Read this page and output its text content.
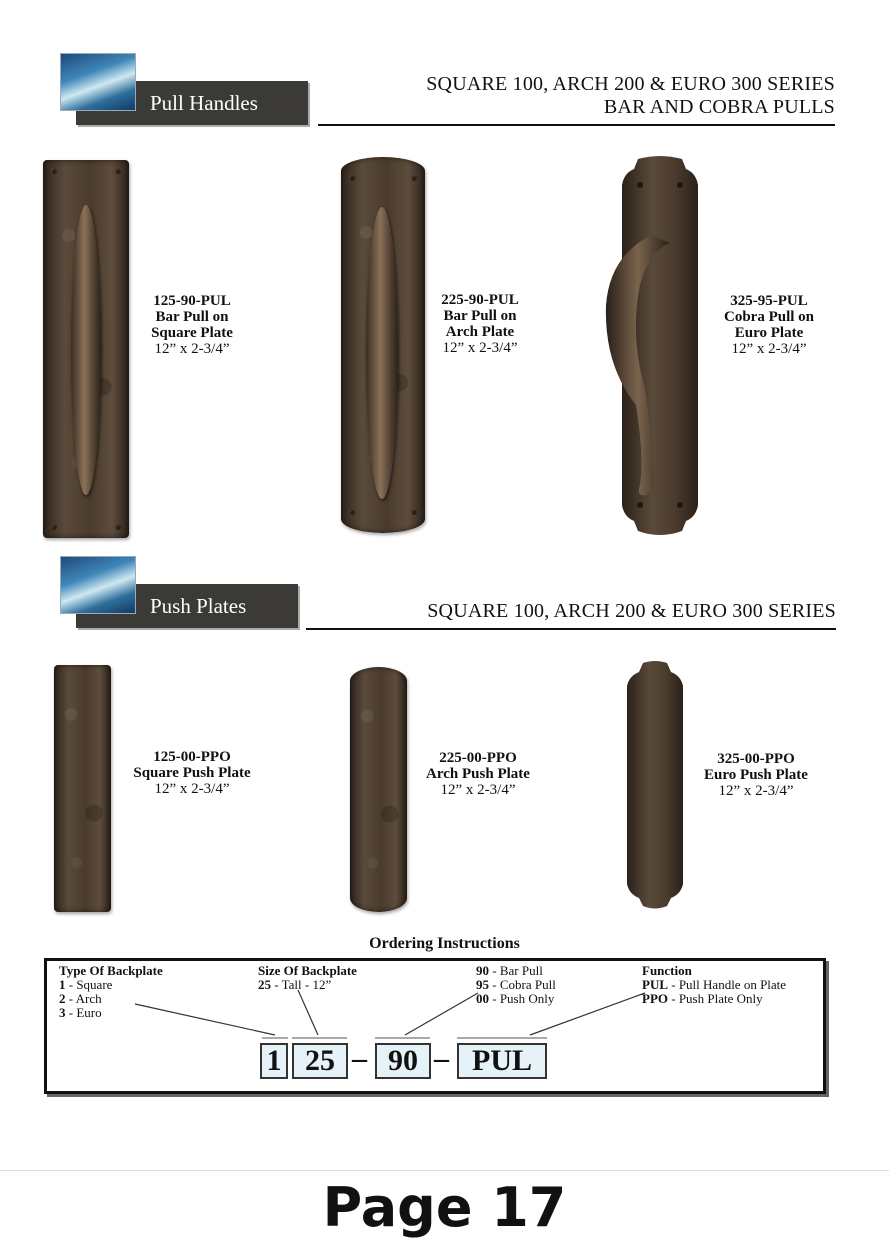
Pull Handles
SQUARE 100, ARCH 200 & EURO 300 SERIES
BAR AND COBRA PULLS
125-90-PUL
Bar Pull on
Square Plate
12” x 2-3/4”
225-90-PUL
Bar Pull on
Arch Plate
12” x 2-3/4”
325-95-PUL
Cobra Pull on
Euro Plate
12” x 2-3/4”
Push Plates	SQUARE 100, ARCH 200 & EURO 300 SERIES
125-00-PPO
Square Push Plate
12” x 2-3/4”
225-00-PPO
Arch Push Plate
12” x 2-3/4”
325-00-PPO
Euro Push Plate
12” x 2-3/4”
Ordering Instructions
Type Of Backplate
1 - Square
2 - Arch
3 - Euro
Size Of Backplate
25 - Tall - 12”
90 - Bar Pull
95 - Cobra Pull
00 - Push Only
Function
PUL - Pull Handle on Plate
PPO - Push Plate Only
1 25 – 90 – PUL
Page 17
